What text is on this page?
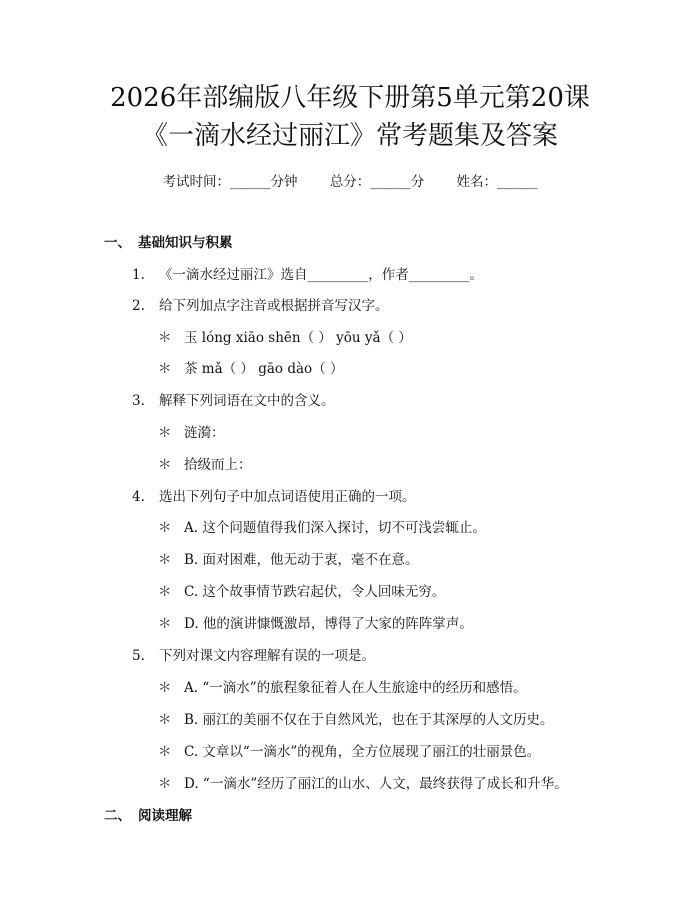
2026年部编版八年级下册第5单元第20课
《一滴水经过丽江》常考题集及答案
考试时间：______分钟 总分：______分 姓名：______
一、 基础知识与积累
1. 《一滴水经过丽江》选自_________，作者_________。
2. 给下列加点字注音或根据拼音写汉字。
＊ 玉 lóng xiāo shēn（ ） yōu yǎ（ ）
＊ 茶 mǎ（ ） gāo dào（ ）
3. 解释下列词语在文中的含义。
＊ 涟漪：
＊ 拾级而上：
4. 选出下列句子中加点词语使用正确的一项。
＊ A. 这个问题值得我们深入探讨，切不可浅尝辄止。
＊ B. 面对困难，他无动于衷，毫不在意。
＊ C. 这个故事情节跌宕起伏，令人回味无穷。
＊ D. 他的演讲慷慨激昂，博得了大家的阵阵掌声。
5. 下列对课文内容理解有误的一项是。
＊ A. “一滴水”的旅程象征着人在人生旅途中的经历和感悟。
＊ B. 丽江的美丽不仅在于自然风光，也在于其深厚的人文历史。
＊ C. 文章以“一滴水”的视角，全方位展现了丽江的壮丽景色。
＊ D. “一滴水”经历了丽江的山水、人文，最终获得了成长和升华。
二、 阅读理解
